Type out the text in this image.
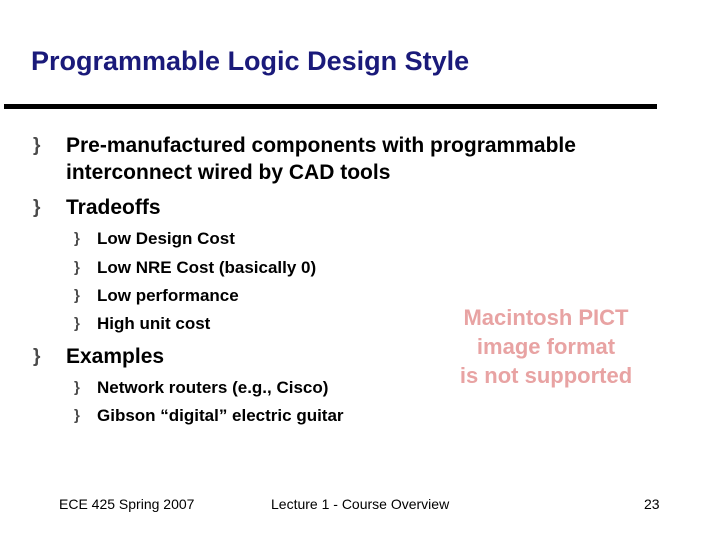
Programmable Logic Design Style
} Pre-manufactured components with programmable
interconnect wired by CAD tools
} Tradeoffs
} Low Design Cost
} Low NRE Cost (basically 0)
} Low performance
} High unit cost
} Examples
} Network routers (e.g., Cisco)
} Gibson “digital” electric guitar
Macintosh PICT
image format
is not supported
ECE 425 Spring 2007	Lecture 1 - Course Overview	23
